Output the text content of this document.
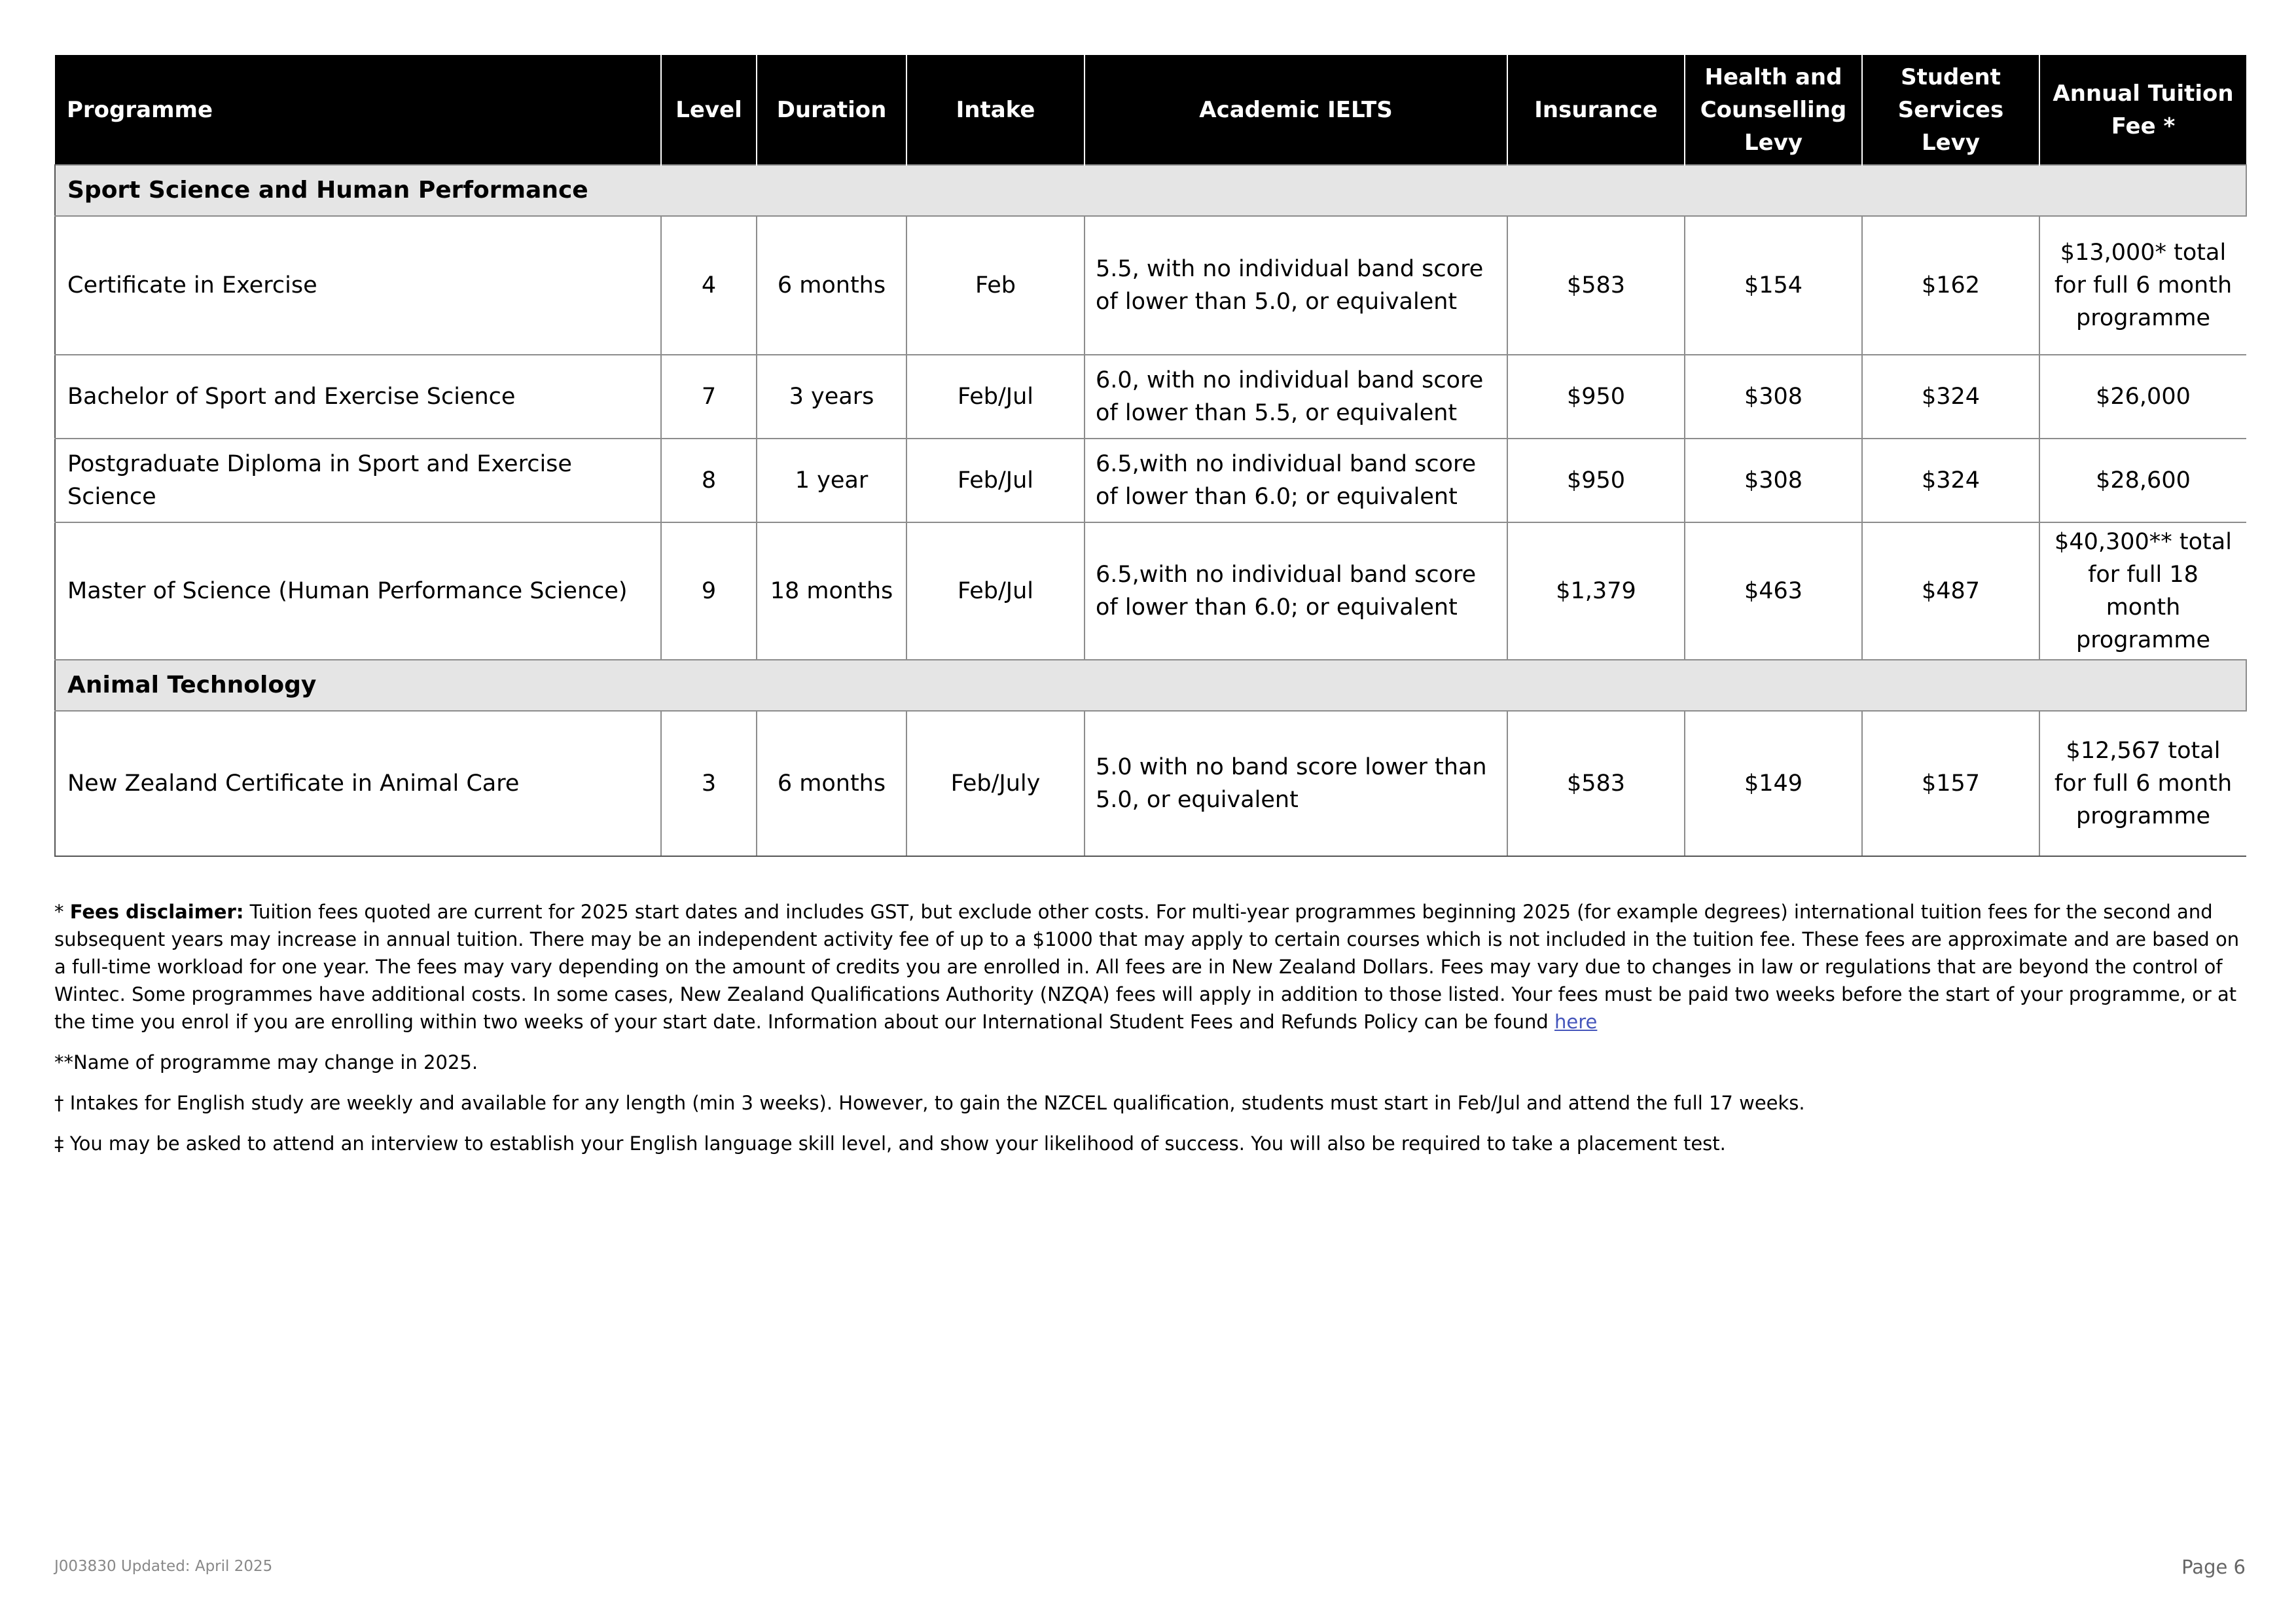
Programme	Level	Duration	Intake	Academic IELTS	Insurance	Health and Counselling Levy	Student Services Levy	Annual Tuition Fee *
Sport Science and Human Performance								
Certificate in Exercise	4	6 months	Feb	5.5, with no individual band score of lower than 5.0, or equivalent	$583	$154	$162	$13,000* total for full 6 month programme
Bachelor of Sport and Exercise Science	7	3 years	Feb/Jul	6.0, with no individual band score of lower than 5.5, or equivalent	$950	$308	$324	$26,000
Postgraduate Diploma in Sport and Exercise Science	8	1 year	Feb/Jul	6.5,with no individual band score of lower than 6.0; or equivalent	$950	$308	$324	$28,600
Master of Science (Human Performance Science)	9	18 months	Feb/Jul	6.5,with no individual band score of lower than 6.0; or equivalent	$1,379	$463	$487	$40,300** total for full 18 month programme
Animal Technology								
New Zealand Certificate in Animal Care	3	6 months	Feb/July	5.0 with no band score lower than 5.0, or equivalent	$583	$149	$157	$12,567 total for full 6 month programme

* Fees disclaimer: Tuition fees quoted are current for 2025 start dates and includes GST, but exclude other costs. For multi-year programmes beginning 2025 (for example degrees) international tuition fees for the second and subsequent years may increase in annual tuition. There may be an independent activity fee of up to a $1000 that may apply to certain courses which is not included in the tuition fee. These fees are approximate and are based on a full-time workload for one year. The fees may vary depending on the amount of credits you are enrolled in. All fees are in New Zealand Dollars. Fees may vary due to changes in law or regulations that are beyond the control of Wintec. Some programmes have additional costs. In some cases, New Zealand Qualifications Authority (NZQA) fees will apply in addition to those listed. Your fees must be paid two weeks before the start of your programme, or at the time you enrol if you are enrolling within two weeks of your start date. Information about our International Student Fees and Refunds Policy can be found here

**Name of programme may change in 2025.

† Intakes for English study are weekly and available for any length (min 3 weeks). However, to gain the NZCEL qualification, students must start in Feb/Jul and attend the full 17 weeks.

‡ You may be asked to attend an interview to establish your English language skill level, and show your likelihood of success. You will also be required to take a placement test.

J003830 Updated: April 2025	Page 6
